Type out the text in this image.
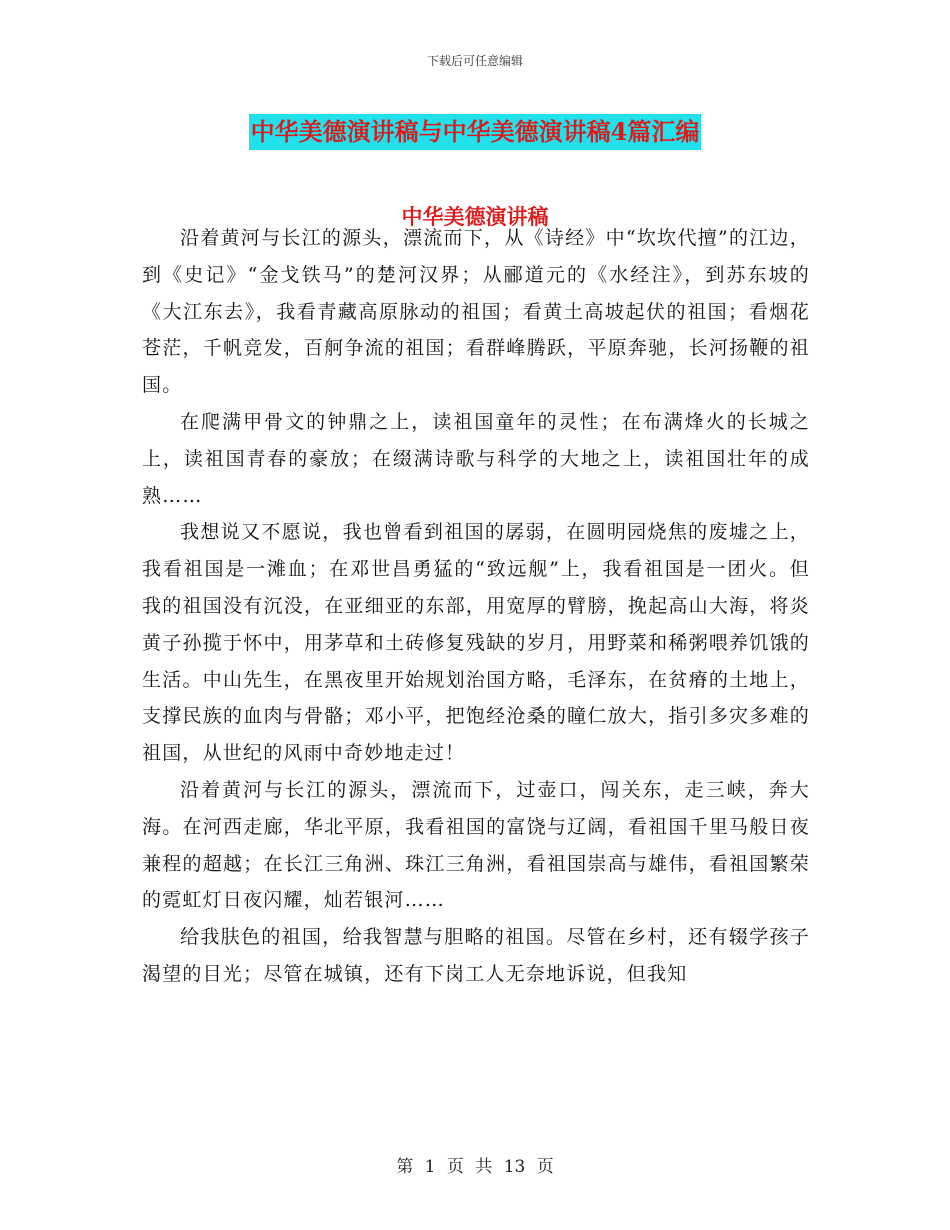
下载后可任意编辑
中华美德演讲稿与中华美德演讲稿4篇汇编
中华美德演讲稿

沿着黄河与长江的源头，漂流而下，从《诗经》中“坎坎代擅”的江边，到《史记》“金戈铁马”的楚河汉界；从郦道元的《水经注》，到苏东坡的《大江东去》，我看青藏高原脉动的祖国；看黄土高坡起伏的祖国；看烟花苍茫，千帆竞发，百舸争流的祖国；看群峰腾跃，平原奔驰，长河扬鞭的祖国。

在爬满甲骨文的钟鼎之上，读祖国童年的灵性；在布满烽火的长城之上，读祖国青春的豪放；在缀满诗歌与科学的大地之上，读祖国壮年的成熟……

我想说又不愿说，我也曾看到祖国的孱弱，在圆明园烧焦的废墟之上，我看祖国是一滩血；在邓世昌勇猛的“致远舰”上，我看祖国是一团火。但我的祖国没有沉没，在亚细亚的东部，用宽厚的臂膀，挽起高山大海，将炎黄子孙揽于怀中，用茅草和土砖修复残缺的岁月，用野菜和稀粥喂养饥饿的生活。中山先生，在黑夜里开始规划治国方略，毛泽东，在贫瘠的土地上，支撑民族的血肉与骨骼；邓小平，把饱经沧桑的瞳仁放大，指引多灾多难的祖国，从世纪的风雨中奇妙地走过！

沿着黄河与长江的源头，漂流而下，过壶口，闯关东，走三峡，奔大海。在河西走廊，华北平原，我看祖国的富饶与辽阔，看祖国千里马般日夜兼程的超越；在长江三角洲、珠江三角洲，看祖国崇高与雄伟，看祖国繁荣的霓虹灯日夜闪耀，灿若银河……

给我肤色的祖国，给我智慧与胆略的祖国。尽管在乡村，还有辍学孩子渴望的目光；尽管在城镇，还有下岗工人无奈地诉说，但我知

第 1 页 共 13 页
